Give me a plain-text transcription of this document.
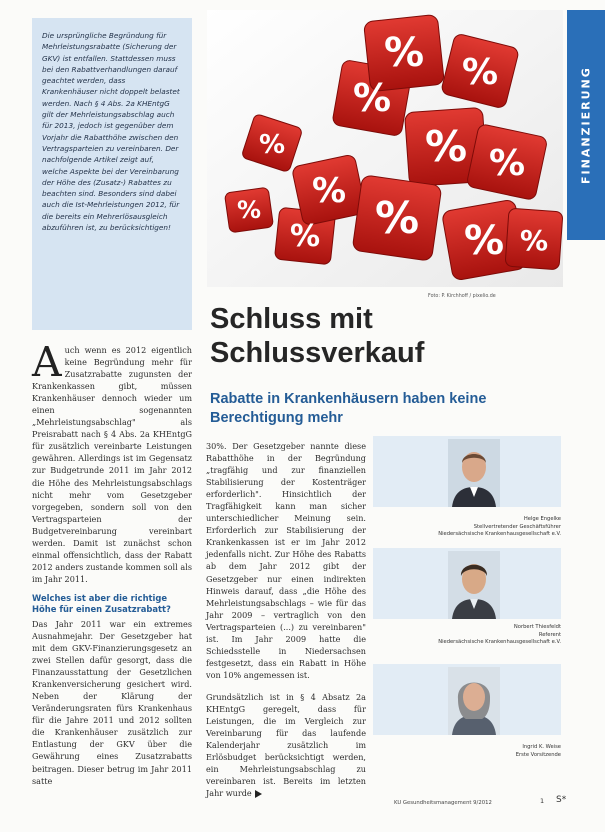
Die ursprüngliche Begründung für Mehrleistungsrabatte (Sicherung der GKV) ist entfallen. Stattdessen muss bei den Rabattverhandlungen darauf geachtet werden, dass Krankenhäuser nicht doppelt belastet werden. Nach § 4 Abs. 2a KHEntgG gilt der Mehrleistungsabschlag auch für 2013, jedoch ist gegenüber dem Vorjahr die Rabatthöhe zwischen den Vertragsparteien zu vereinbaren. Der nachfolgende Artikel zeigt auf, welche Aspekte bei der Vereinbarung der Höhe des (Zusatz-) Rabattes zu beachten sind. Besonders sind dabei auch die Ist-Mehrleistungen 2012, für die bereits ein Mehrerlösausgleich abzuführen ist, zu berücksichtigen!
%
%
%
%
% %
% %
% %
%
%
Foto: P. Kirchhoff / pixelio.de
FINANZIERUNG
Schluss mit
Schlussverkauf
Rabatte in Krankenhäusern haben keine Berechtigung mehr

Auch wenn es 2012 eigentlich keine Begründung mehr für Zusatzrabatte zugunsten der Krankenkassen gibt, müssen Krankenhäuser dennoch wieder um einen sogenannten „Mehrleistungsabschlag" als Preisrabatt nach § 4 Abs. 2a KHEntgG für zusätzlich vereinbarte Leistungen gewähren. Allerdings ist im Gegensatz zur Budgetrunde 2011 im Jahr 2012 die Höhe des Mehrleistungsabschlags nicht mehr vom Gesetzgeber vorgegeben, sondern soll von den Vertragsparteien der Budgetvereinbarung vereinbart werden. Damit ist zunächst schon einmal offensichtlich, dass der Rabatt 2012 anders zustande kommen soll als im Jahr 2011.

Welches ist aber die richtige Höhe für einen Zusatzrabatt?

Das Jahr 2011 war ein extremes Ausnahmejahr. Der Gesetzgeber hat mit dem GKV-Finanzierungsgesetz an zwei Stellen dafür gesorgt, dass die Finanzausstattung der Gesetzlichen Krankenversicherung gesichert wird. Neben der Klärung der Veränderungsraten fürs Krankenhaus für die Jahre 2011 und 2012 sollten die Krankenhäuser zusätzlich zur Entlastung der GKV über die Gewährung eines Zusatzrabatts beitragen. Dieser betrug im Jahr 2011 satte

30%. Der Gesetzgeber nannte diese Rabatthöhe in der Begründung „tragfähig und zur finanziellen Stabilisierung der Kostenträger erforderlich". Hinsichtlich der Tragfähigkeit kann man sicher unterschiedlicher Meinung sein. Erforderlich zur Stabilisierung der Krankenkassen ist er im Jahr 2012 jedenfalls nicht. Zur Höhe des Rabatts ab dem Jahr 2012 gibt der Gesetzgeber nur einen indirekten Hinweis darauf, dass „die Höhe des Mehrleistungsabschlags – wie für das Jahr 2009 – vertraglich von den Vertragsparteien (...) zu vereinbaren" ist. Im Jahr 2009 hatte die Schiedsstelle in Niedersachsen festgesetzt, dass ein Rabatt in Höhe von 10% angemessen ist.

Grundsätzlich ist in § 4 Absatz 2a KHEntgG geregelt, dass für Leistungen, die im Vergleich zur Vereinbarung für das laufende Kalenderjahr zusätzlich im Erlösbudget berücksichtigt werden, ein Mehrleistungsabschlag zu vereinbaren ist. Bereits im letzten Jahr wurde

Helge Engelke
Stellvertretender Geschäftsführer
Niedersächsische Krankenhausgesellschaft e.V.
Norbert Thiesfeldt
Referent
Niedersächsische Krankenhausgesellschaft e.V.
Ingrid K. Weise
Erste Vorsitzende
KU Gesundheitsmanagement 9/2012	1 S*
